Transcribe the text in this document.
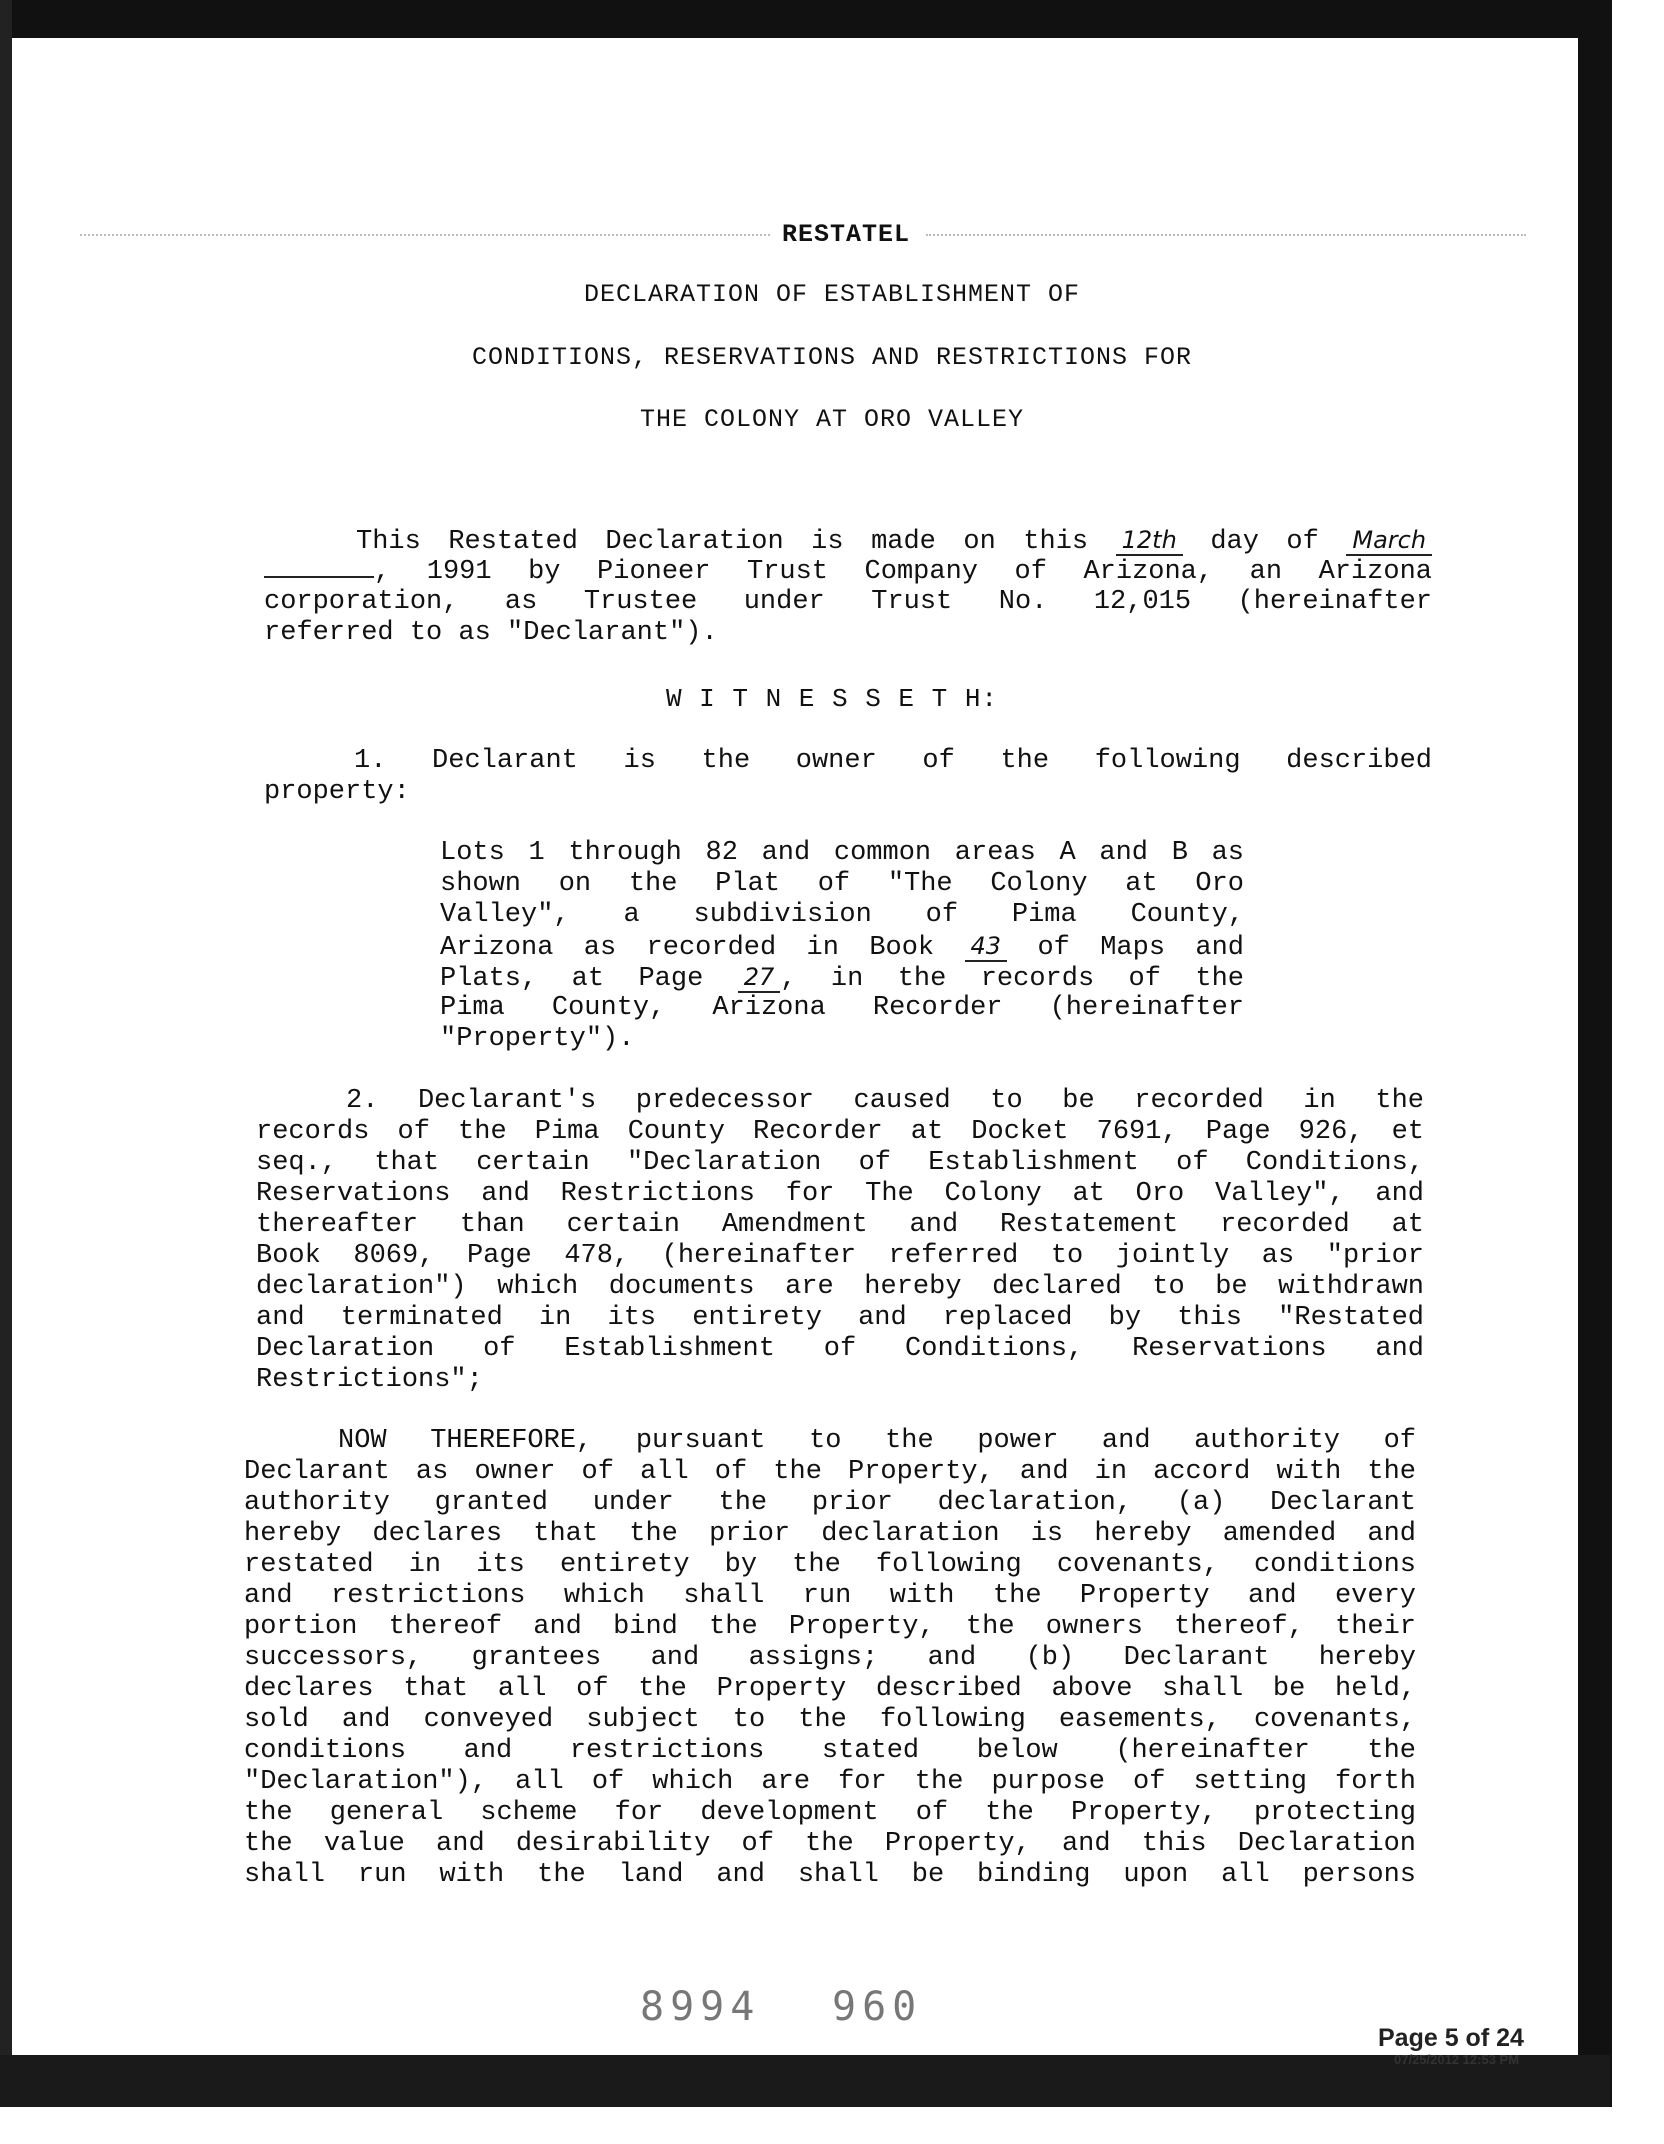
RESTATEL
DECLARATION OF ESTABLISHMENT OF
CONDITIONS, RESERVATIONS AND RESTRICTIONS FOR
THE COLONY AT ORO VALLEY
This Restated Declaration is made on this 12th day of March
, 1991 by Pioneer Trust Company of Arizona, an Arizona
corporation, as Trustee under Trust No. 12,015 (hereinafter
referred to as "Declarant").
W I T N E S S E T H:
1. Declarant is the owner of the following described
property:
Lots 1 through 82 and common areas A and B as
shown on the Plat of "The Colony at Oro
Valley", a subdivision of Pima County,
Arizona as recorded in Book 43 of Maps and
Plats, at Page 27 , in the records of the
Pima County, Arizona Recorder (hereinafter
"Property").
2. Declarant's predecessor caused to be recorded in the
records of the Pima County Recorder at Docket 7691, Page 926, et
seq., that certain "Declaration of Establishment of Conditions,
Reservations and Restrictions for The Colony at Oro Valley", and
thereafter than certain Amendment and Restatement recorded at
Book 8069, Page 478, (hereinafter referred to jointly as "prior
declaration") which documents are hereby declared to be withdrawn
and terminated in its entirety and replaced by this "Restated
Declaration of Establishment of Conditions, Reservations and
Restrictions";
NOW THEREFORE, pursuant to the power and authority of
Declarant as owner of all of the Property, and in accord with the
authority granted under the prior declaration, (a) Declarant
hereby declares that the prior declaration is hereby amended and
restated in its entirety by the following covenants, conditions
and restrictions which shall run with the Property and every
portion thereof and bind the Property, the owners thereof, their
successors, grantees and assigns; and (b) Declarant hereby
declares that all of the Property described above shall be held,
sold and conveyed subject to the following easements, covenants,
conditions and restrictions stated below (hereinafter the
"Declaration"), all of which are for the purpose of setting forth
the general scheme for development of the Property, protecting
the value and desirability of the Property, and this Declaration
shall run with the land and shall be binding upon all persons
8994 960
Page 5 of 24
07/25/2012 12:53 PM
